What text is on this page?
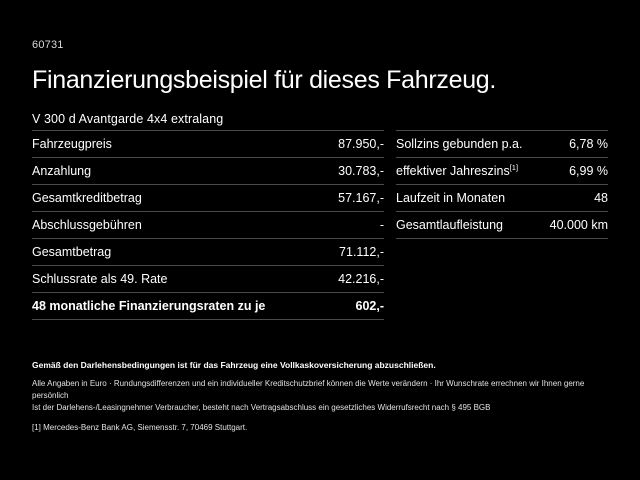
60731
Finanzierungsbeispiel für dieses Fahrzeug.
V 300 d Avantgarde 4x4 extralang
Fahrzeugpreis	87.950,-
Anzahlung	30.783,-
Gesamtkreditbetrag	57.167,-
Abschlussgebühren	-
Gesamtbetrag	71.112,-
Schlussrate als 49. Rate	42.216,-
48 monatliche Finanzierungsraten zu je	602,-
Sollzins gebunden p.a.	6,78 %
effektiver Jahreszins[1]	6,99 %
Laufzeit in Monaten	48
Gesamtlaufleistung	40.000 km
Gemäß den Darlehensbedingungen ist für das Fahrzeug eine Vollkaskoversicherung abzuschließen.
Alle Angaben in Euro · Rundungsdifferenzen und ein individueller Kreditschutzbrief können die Werte verändern · Ihr Wunschrate errechnen wir Ihnen gerne persönlich
Ist der Darlehens-/Leasingnehmer Verbraucher, besteht nach Vertragsabschluss ein gesetzliches Widerrufsrecht nach § 495 BGB
[1] Mercedes-Benz Bank AG, Siemensstr. 7, 70469 Stuttgart.
